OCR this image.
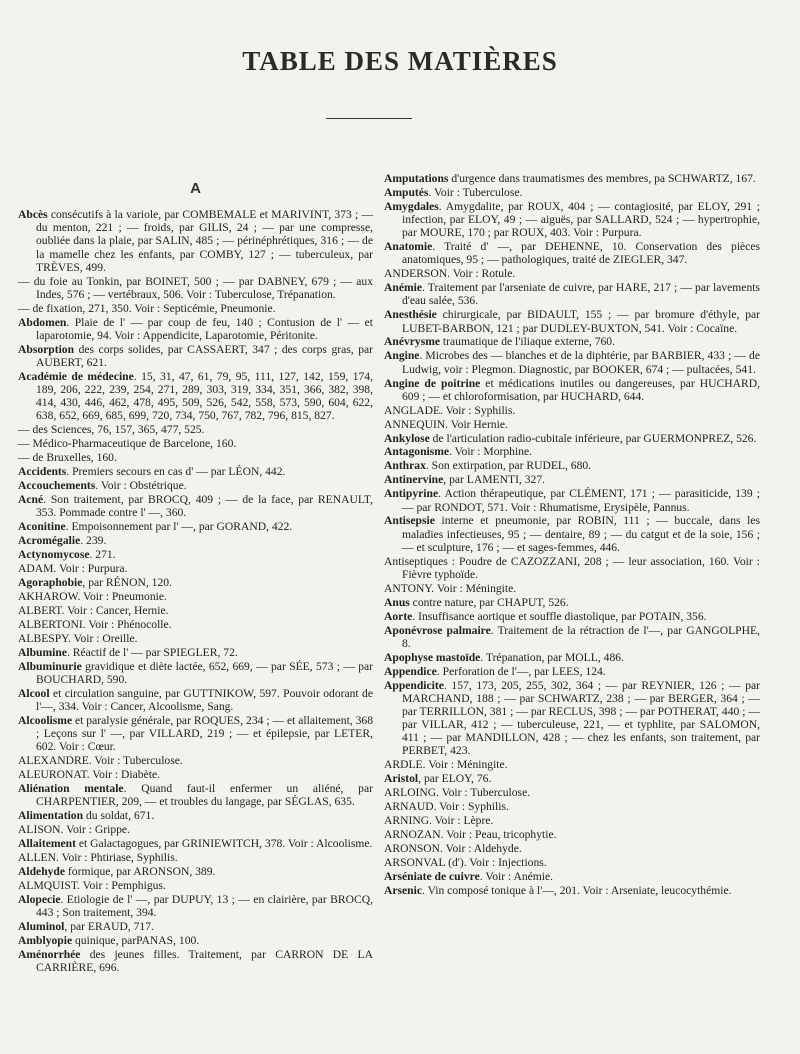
TABLE DES MATIÈRES
A
Abcès consécutifs à la variole, par COMBEMALE et MARIVINT, 373 ; — du menton, 221 ; — froids, par GILIS, 24 ; — par une compresse, oubliée dans la plaie, par SALIN, 485 ; — périnéphrétiques, 316 ; — de la mamelle chez les enfants, par COMBY, 127 ; — tuberculeux, par TRÈVES, 499.
— du foie au Tonkin, par BOINET, 500 ; — par DABNEY, 679 ; — aux Indes, 576 ; — vertébraux, 506. Voir : Tuberculose, Trépanation.
— de fixation, 271, 350. Voir : Septicémie, Pneumonie.
Abdomen. Plaie de l' — par coup de feu, 140 ; Contusion de l' — et laparotomie, 94. Voir : Appendicite, Laparotomie, Péritonite.
Absorption des corps solides, par CASSAERT, 347 ; des corps gras, par AUBERT, 621.
Académie de médecine. 15, 31, 47, 61, 79, 95, 111, 127, 142, 159, 174, 189, 206, 222, 239, 254, 271, 289, 303, 319, 334, 351, 366, 382, 398, 414, 430, 446, 462, 478, 495, 509, 526, 542, 558, 573, 590, 604, 622, 638, 652, 669, 685, 699, 720, 734, 750, 767, 782, 796, 815, 827.
— des Sciences, 76, 157, 365, 477, 525.
— Médico-Pharmaceutique de Barcelone, 160.
— de Bruxelles, 160.
Accidents. Premiers secours en cas d' — par LÉON, 442.
Accouchements. Voir : Obstétrique.
Acné. Son traitement, par BROCQ, 409 ; — de la face, par RENAULT, 353. Pommade contre l' —, 360.
Aconitine. Empoisonnement par l' —, par GORAND, 422.
Acromégalie. 239.
Actynomycose. 271.
ADAM. Voir : Purpura.
Agoraphobie, par RÉNON, 120.
AKHAROW. Voir : Pneumonie.
ALBERT. Voir : Cancer, Hernie.
ALBERTONI. Voir : Phénocolle.
ALBESPY. Voir : Oreille.
Albumine. Réactif de l' — par SPIEGLER, 72.
Albuminurie gravidique et diète lactée, 652, 669, — par SÉE, 573 ; — par BOUCHARD, 590.
Alcool et circulation sanguine, par GUTTNIKOW, 597. Pouvoir odorant de l'—, 334. Voir : Cancer, Alcoolisme, Sang.
Alcoolisme et paralysie générale, par ROQUES, 234 ; — et allaitement, 368 ; Leçons sur l' —, par VILLARD, 219 ; — et épilepsie, par LETER, 602. Voir : Cœur.
ALEXANDRE. Voir : Tuberculose.
ALEURONAT. Voir : Diabète.
Aliénation mentale. Quand faut-il enfermer un aliéné, par CHARPENTIER, 209, — et troubles du langage, par SÉGLAS, 635.
Alimentation du soldat, 671.
ALISON. Voir : Grippe.
Allaitement et Galactagogues, par GRINIEWITCH, 378. Voir : Alcoolisme.
ALLEN. Voir : Phtiriase, Syphilis.
Aldehyde formique, par ARONSON, 389.
ALMQUIST. Voir : Pemphigus.
Alopecie. Etiologie de l' —, par DUPUY, 13 ; — en clairière, par BROCQ, 443 ; Son traitement, 394.
Aluminol, par ERAUD, 717.
Amblyopie quinique, parPANAS, 100.
Aménorrhée des jeunes filles. Traitement, par CARRON DE LA CARRIÈRE, 696.
Amputations d'urgence dans traumatismes des membres, pa SCHWARTZ, 167.
Amputés. Voir : Tuberculose.
Amygdales. Amygdalite, par ROUX, 404 ; — contagiosité, par ELOY, 291 ; infection, par ELOY, 49 ; — aiguës, par SALLARD, 524 ; — hypertrophie, par MOURE, 170 ; par ROUX, 403. Voir : Purpura.
Anatomie. Traité d' —, par DEHENNE, 10. Conservation des pièces anatomiques, 95 ; — pathologiques, traité de ZIEGLER, 347.
ANDERSON. Voir : Rotule.
Anémie. Traitement par l'arseniate de cuivre, par HARE, 217 ; — par lavements d'eau salée, 536.
Anesthésie chirurgicale, par BIDAULT, 155 ; — par bromure d'éthyle, par LUBET-BARBON, 121 ; par DUDLEY-BUXTON, 541. Voir : Cocaïne.
Anévrysme traumatique de l'iliaque externe, 760.
Angine. Microbes des — blanches et de la diphtérie, par BARBIER, 433 ; — de Ludwig, voir : Plegmon. Diagnostic, par BOOKER, 674 ; — pultacées, 541.
Angine de poitrine et médications inutiles ou dangereuses, par HUCHARD, 609 ; — et chloroformisation, par HUCHARD, 644.
ANGLADE. Voir : Syphilis.
ANNEQUIN. Voir Hernie.
Ankylose de l'articulation radio-cubitale inférieure, par GUERMONPREZ, 526.
Antagonisme. Voir : Morphine.
Anthrax. Son extirpation, par RUDEL, 680.
Antinervine, par LAMENTI, 327.
Antipyrine. Action thérapeutique, par CLÉMENT, 171 ; — parasiticide, 139 ; — par RONDOT, 571. Voir : Rhumatisme, Erysipèle, Pannus.
Antisepsie interne et pneumonie, par ROBIN, 111 ; — buccale, dans les maladies infectieuses, 95 ; — dentaire, 89 ; — du catgut et de la soie, 156 ; — et sculpture, 176 ; — et sages-femmes, 446.
Antiseptiques : Poudre de CAZOZZANI, 208 ; — leur association, 160. Voir : Fièvre typhoïde.
ANTONY. Voir : Méningite.
Anus contre nature, par CHAPUT, 526.
Aorte. Insuffisance aortique et souffle diastolique, par POTAIN, 356.
Aponévrose palmaire. Traitement de la rétraction de l'—, par GANGOLPHE, 8.
Apophyse mastoïde. Trépanation, par MOLL, 486.
Appendice. Perforation de l'—, par LEES, 124.
Appendicite. 157, 173, 205, 255, 302, 364 ; — par REYNIER, 126 ; — par MARCHAND, 188 ; — par SCHWARTZ, 238 ; — par BERGER, 364 ; — par TERRILLON, 381 ; — par RECLUS, 398 ; — par POTHERAT, 440 ; — par VILLAR, 412 ; — tuberculeuse, 221, — et typhlite, par SALOMON, 411 ; — par MANDILLON, 428 ; — chez les enfants, son traitement, par PERBET, 423.
ARDLE. Voir : Méningite.
Aristol, par ELOY, 76.
ARLOING. Voir : Tuberculose.
ARNAUD. Voir : Syphilis.
ARNING. Voir : Lèpre.
ARNOZAN. Voir : Peau, tricophytie.
ARONSON. Voir : Aldehyde.
ARSONVAL (d'). Voir : Injections.
Arséniate de cuivre. Voir : Anémie.
Arsenic. Vin composé tonique à l'—, 201. Voir : Arseniate, leucocythémie.
